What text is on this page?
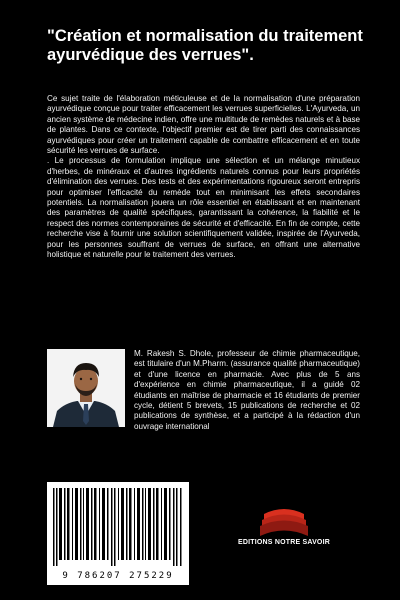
"Création et normalisation du traitement ayurvédique des verrues".

Ce sujet traite de l'élaboration méticuleuse et de la normalisation d'une préparation ayurvédique conçue pour traiter efficacement les verrues superficielles. L'Ayurveda, un ancien système de médecine indien, offre une multitude de remèdes naturels et à base de plantes. Dans ce contexte, l'objectif premier est de tirer parti des connaissances ayurvédiques pour créer un traitement capable de combattre efficacement et en toute sécurité les verrues de surface.

. Le processus de formulation implique une sélection et un mélange minutieux d'herbes, de minéraux et d'autres ingrédients naturels connus pour leurs propriétés d'élimination des verrues. Des tests et des expérimentations rigoureux seront entrepris pour optimiser l'efficacité du remède tout en minimisant les effets secondaires potentiels. La normalisation jouera un rôle essentiel en établissant et en maintenant des paramètres de qualité spécifiques, garantissant la cohérence, la fiabilité et le respect des normes contemporaines de sécurité et d'efficacité. En fin de compte, cette recherche vise à fournir une solution scientifiquement validée, inspirée de l'Ayurveda, pour les personnes souffrant de verrues de surface, en offrant une alternative holistique et naturelle pour le traitement des verrues.

M. Rakesh S. Dhole, professeur de chimie pharmaceutique, est titulaire d'un M.Pharm. (assurance qualité pharmaceutique) et d'une licence en pharmacie. Avec plus de 5 ans d'expérience en chimie pharmaceutique, il a guidé 02 étudiants en maîtrise de pharmacie et 16 étudiants de premier cycle, détient 5 brevets, 15 publications de recherche et 02 publications de synthèse, et a participé à la rédaction d'un ouvrage international

9 786207 275229
EDITIONS NOTRE SAVOIR
